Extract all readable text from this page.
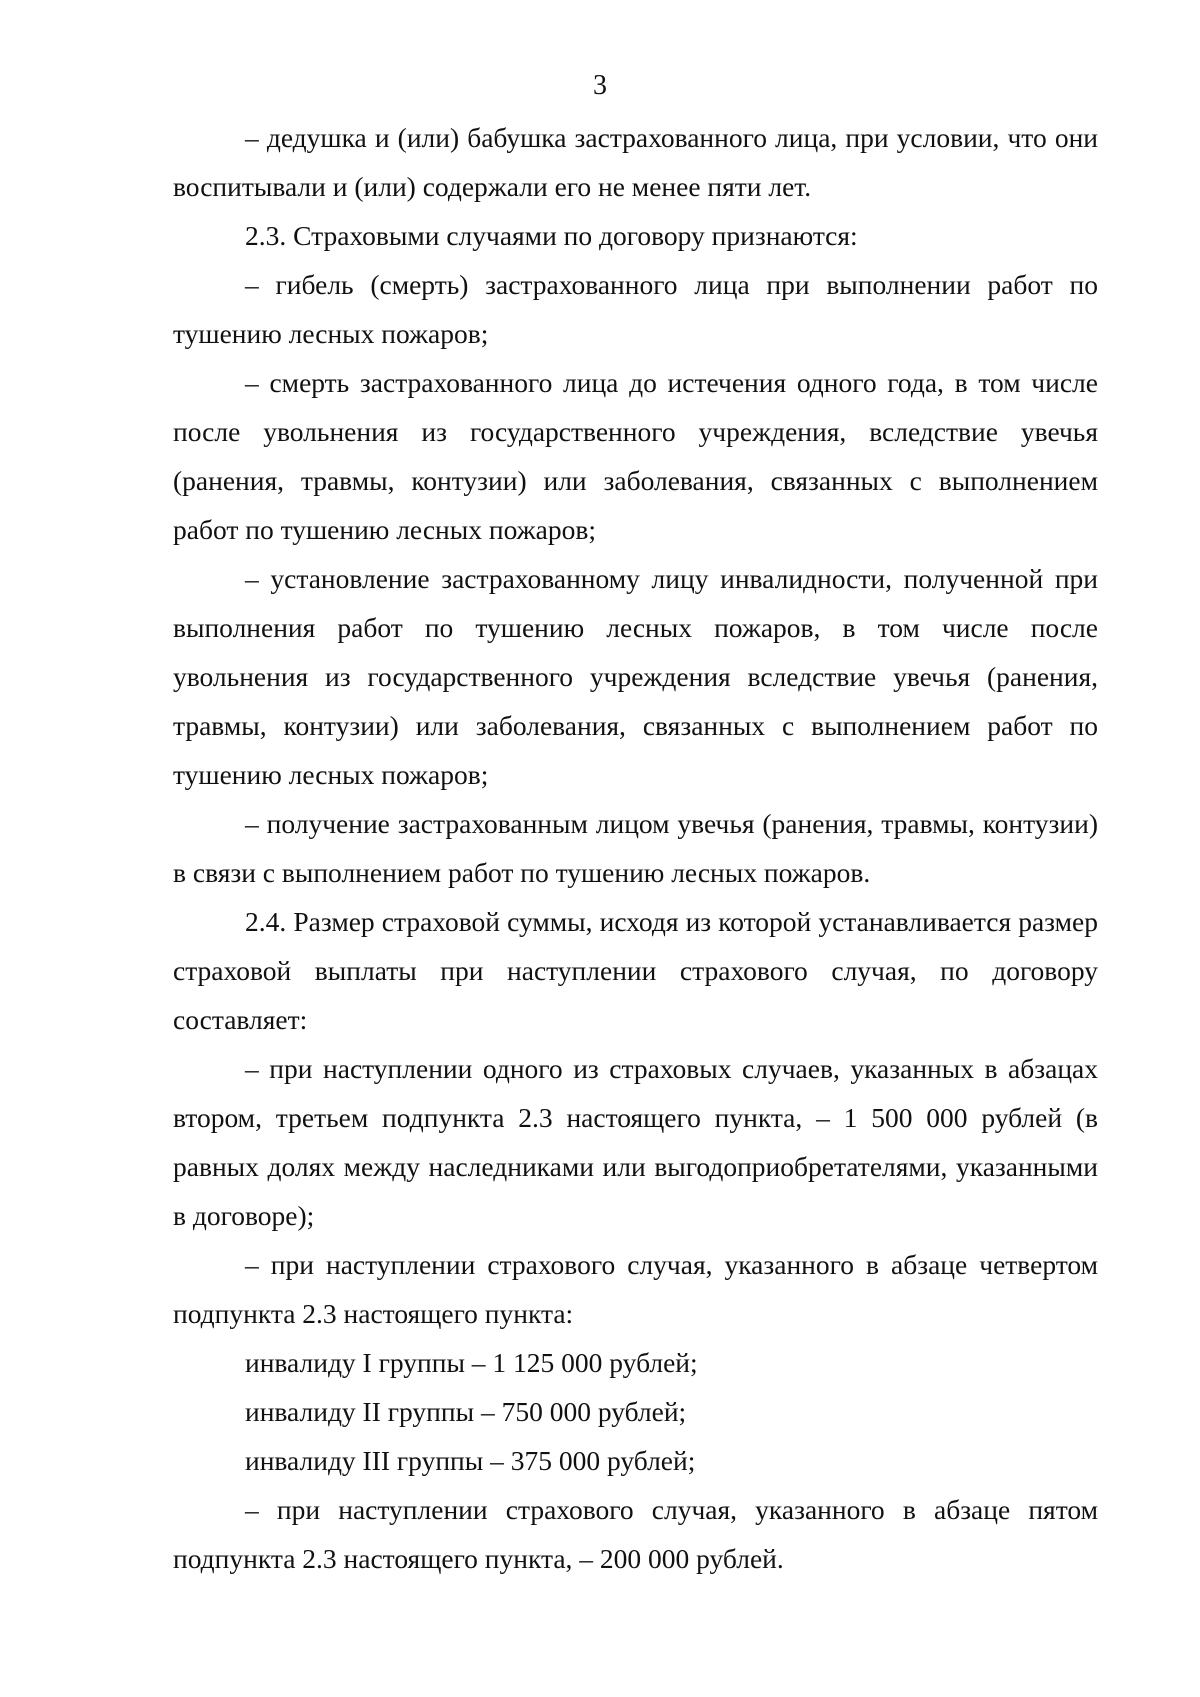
3

– дедушка и (или) бабушка застрахованного лица, при условии, что они воспитывали и (или) содержали его не менее пяти лет.

2.3. Страховыми случаями по договору признаются:

– гибель (смерть) застрахованного лица при выполнении работ по тушению лесных пожаров;

– смерть застрахованного лица до истечения одного года, в том числе после увольнения из государственного учреждения, вследствие увечья (ранения, травмы, контузии) или заболевания, связанных с выполнением работ по тушению лесных пожаров;

– установление застрахованному лицу инвалидности, полученной при выполнения работ по тушению лесных пожаров, в том числе после увольнения из государственного учреждения вследствие увечья (ранения, травмы, контузии) или заболевания, связанных с выполнением работ по тушению лесных пожаров;

– получение застрахованным лицом увечья (ранения, травмы, контузии) в связи с выполнением работ по тушению лесных пожаров.

2.4. Размер страховой суммы, исходя из которой устанавливается размер страховой выплаты при наступлении страхового случая, по договору составляет:

– при наступлении одного из страховых случаев, указанных в абзацах втором, третьем подпункта 2.3 настоящего пункта, – 1 500 000 рублей (в равных долях между наследниками или выгодоприобретателями, указанными в договоре);

– при наступлении страхового случая, указанного в абзаце четвертом подпункта 2.3 настоящего пункта:

инвалиду I группы – 1 125 000 рублей;

инвалиду II группы – 750 000 рублей;

инвалиду III группы – 375 000 рублей;

– при наступлении страхового случая, указанного в абзаце пятом подпункта 2.3 настоящего пункта, – 200 000 рублей.
